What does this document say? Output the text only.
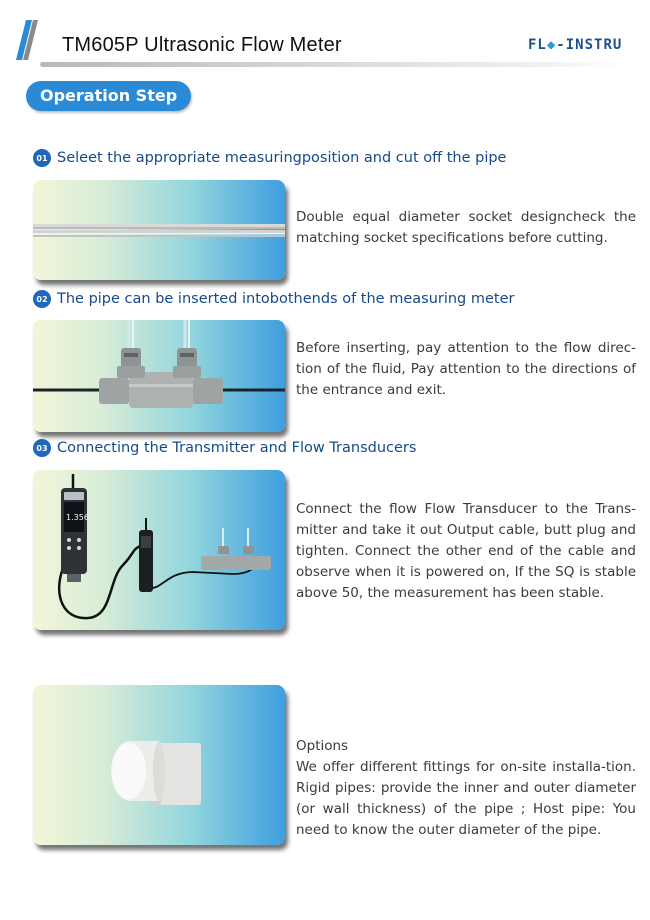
TM605P Ultrasonic Flow Meter	FL◆-INSTRU
Operation Step
01 Seleet the appropriate measuringposition and cut off the pipe
Double equal diameter socket designcheck the matching socket specifications before cutting.
02 The pipe can be inserted intobothends of the measuring meter
Before inserting, pay attention to the flow direc-tion of the fluid, Pay attention to the directions of the entrance and exit.
03 Connecting the Transmitter and Flow Transducers
1.356
Connect the flow Flow Transducer to the Trans-mitter and take it out Output cable, butt plug and tighten. Connect the other end of the cable and observe when it is powered on, If the SQ is stable above 50, the measurement has been stable.
Options
We offer different fittings for on-site installa-tion. Rigid pipes: provide the inner and outer diameter (or wall thickness) of the pipe ; Host pipe: You need to know the outer diameter of the pipe.
